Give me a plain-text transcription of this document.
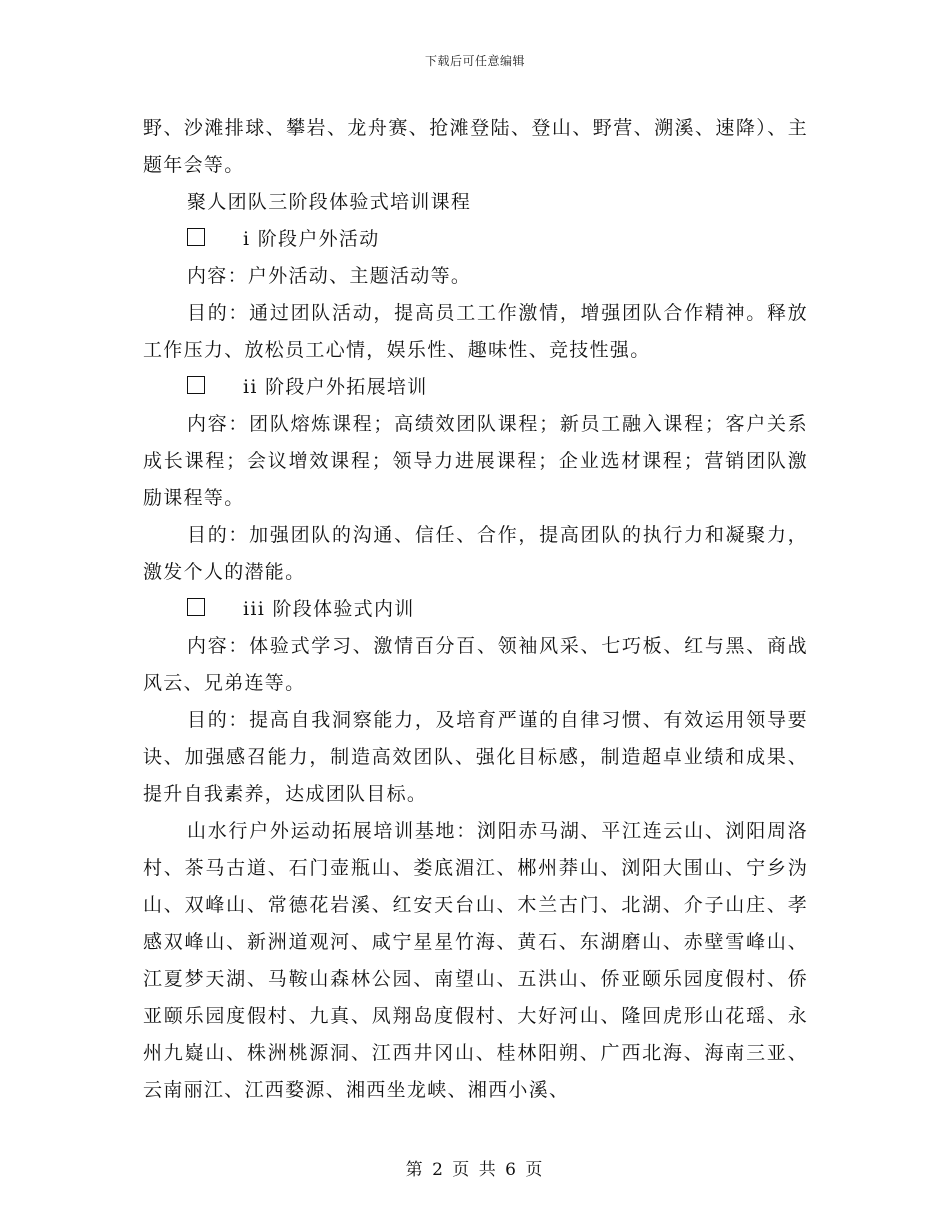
下载后可任意编辑

野、沙滩排球、攀岩、龙舟赛、抢滩登陆、登山、野营、溯溪、速降）、主题年会等。

聚人团队三阶段体验式培训课程

i 阶段户外活动

内容：户外活动、主题活动等。

目的：通过团队活动，提高员工工作激情，增强团队合作精神。释放工作压力、放松员工心情，娱乐性、趣味性、竞技性强。

ii 阶段户外拓展培训

内容：团队熔炼课程；高绩效团队课程；新员工融入课程；客户关系成长课程；会议增效课程；领导力进展课程；企业选材课程；营销团队激励课程等。

目的：加强团队的沟通、信任、合作，提高团队的执行力和凝聚力，激发个人的潜能。

iii 阶段体验式内训

内容：体验式学习、激情百分百、领袖风采、七巧板、红与黑、商战风云、兄弟连等。

目的：提高自我洞察能力，及培育严谨的自律习惯、有效运用领导要诀、加强感召能力，制造高效团队、强化目标感，制造超卓业绩和成果、提升自我素养，达成团队目标。

山水行户外运动拓展培训基地：浏阳赤马湖、平江连云山、浏阳周洛村、茶马古道、石门壶瓶山、娄底湄江、郴州莽山、浏阳大围山、宁乡沩山、双峰山、常德花岩溪、红安天台山、木兰古门、北湖、介子山庄、孝感双峰山、新洲道观河、咸宁星星竹海、黄石、东湖磨山、赤壁雪峰山、江夏梦天湖、马鞍山森林公园、南望山、五洪山、侨亚颐乐园度假村、侨亚颐乐园度假村、九真、凤翔岛度假村、大好河山、隆回虎形山花瑶、永州九嶷山、株洲桃源洞、江西井冈山、桂林阳朔、广西北海、海南三亚、云南丽江、江西婺源、湘西坐龙峡、湘西小溪、

第 2 页 共 6 页
